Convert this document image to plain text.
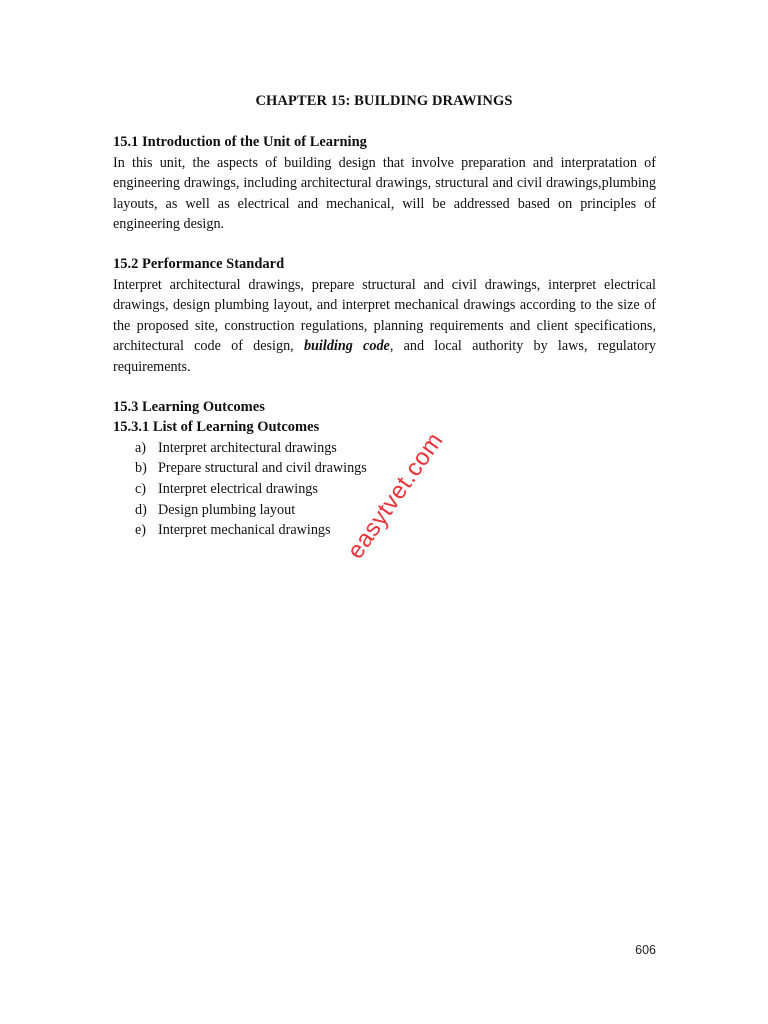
CHAPTER 15: BUILDING DRAWINGS

15.1 Introduction of the Unit of Learning

In this unit, the aspects of building design that involve preparation and interpratation of engineering drawings, including architectural drawings, structural and civil drawings,plumbing layouts, as well as electrical and mechanical, will be addressed based on principles of engineering design.

15.2 Performance Standard

Interpret architectural drawings, prepare structural and civil drawings, interpret electrical drawings, design plumbing layout, and interpret mechanical drawings according to the size of the proposed site, construction regulations, planning requirements and client specifications, architectural code of design, building code, and local authority by laws, regulatory requirements.

15.3 Learning Outcomes

15.3.1 List of Learning Outcomes

a) Interpret architectural drawings
b) Prepare structural and civil drawings
c) Interpret electrical drawings
d) Design plumbing layout
e) Interpret mechanical drawings easytvet.com
606
